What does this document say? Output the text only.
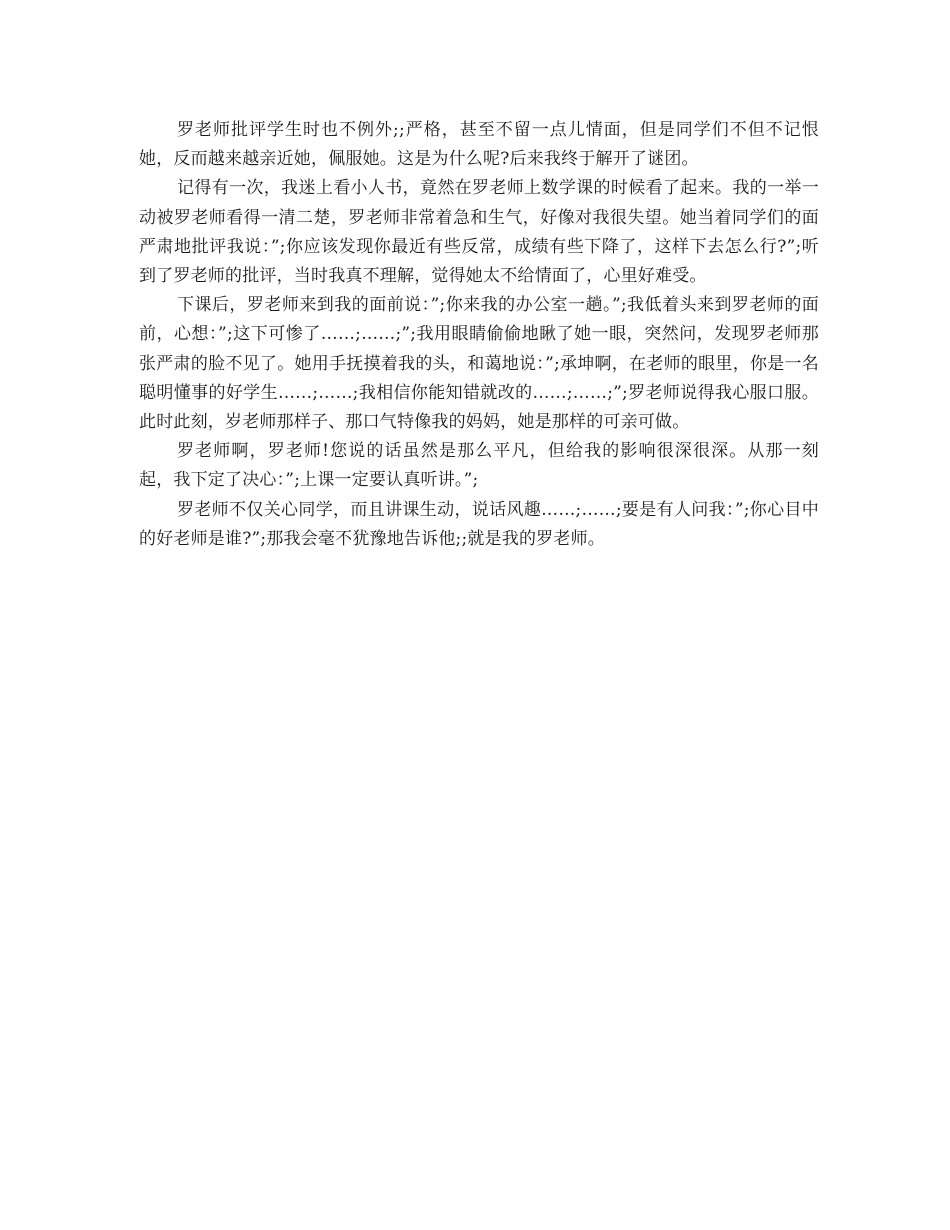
罗老师批评学生时也不例外;;严格，甚至不留一点儿情面，但是同学们不但不记恨她，反而越来越亲近她，佩服她。这是为什么呢?后来我终于解开了谜团。

记得有一次，我迷上看小人书，竟然在罗老师上数学课的时候看了起来。我的一举一动被罗老师看得一清二楚，罗老师非常着急和生气，好像对我很失望。她当着同学们的面严肃地批评我说：”;你应该发现你最近有些反常，成绩有些下降了，这样下去怎么行?”;听到了罗老师的批评，当时我真不理解，觉得她太不给情面了，心里好难受。

下课后，罗老师来到我的面前说：”;你来我的办公室一趟。”;我低着头来到罗老师的面前，心想：”;这下可惨了……;……;”;我用眼睛偷偷地瞅了她一眼，突然问，发现罗老师那张严肃的脸不见了。她用手抚摸着我的头，和蔼地说：”;承坤啊，在老师的眼里，你是一名聪明懂事的好学生……;……;我相信你能知错就改的……;……;”;罗老师说得我心服口服。此时此刻，岁老师那样子、那口气特像我的妈妈，她是那样的可亲可做。

罗老师啊，罗老师!您说的话虽然是那么平凡，但给我的影响很深很深。从那一刻起，我下定了决心：”;上课一定要认真听讲。”;

罗老师不仅关心同学，而且讲课生动，说话风趣……;……;要是有人问我：”;你心目中的好老师是谁?”;那我会毫不犹豫地告诉他;;就是我的罗老师。
